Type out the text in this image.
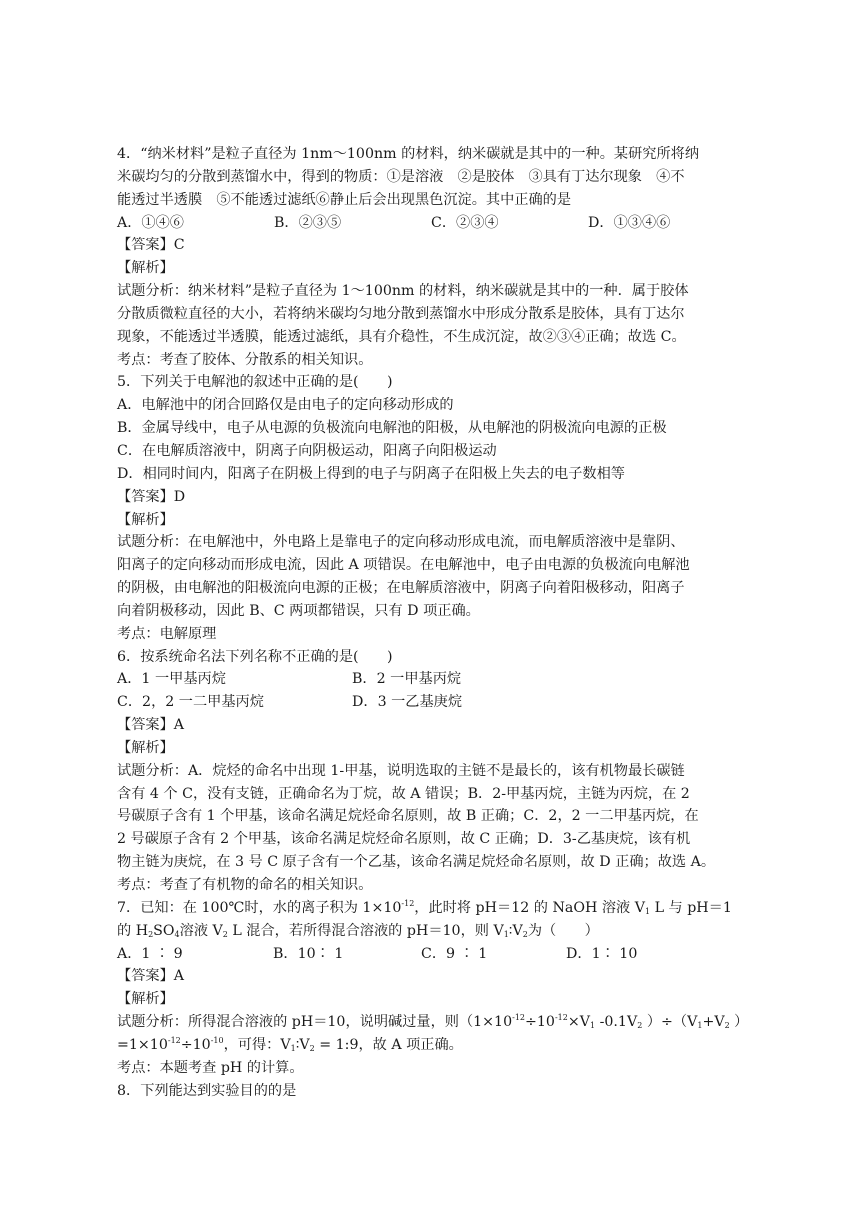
4．“纳米材料”是粒子直径为 1nm～100nm 的材料，纳米碳就是其中的一种。某研究所将纳
米碳均匀的分散到蒸馏水中，得到的物质：①是溶液　②是胶体　③具有丁达尔现象　④不
能透过半透膜　⑤不能透过滤纸⑥静止后会出现黑色沉淀。其中正确的是
A．①④⑥	B．②③⑤	C．②③④	D．①③④⑥
【答案】C
【解析】
试题分析：纳米材料”是粒子直径为 1～100nm 的材料，纳米碳就是其中的一种．属于胶体
分散质微粒直径的大小，若将纳米碳均匀地分散到蒸馏水中形成分散系是胶体，具有丁达尔
现象，不能透过半透膜，能透过滤纸，具有介稳性，不生成沉淀，故②③④正确；故选 C。
考点：考查了胶体、分散系的相关知识。
5．下列关于电解池的叙述中正确的是(　　)
A．电解池中的闭合回路仅是由电子的定向移动形成的
B．金属导线中，电子从电源的负极流向电解池的阳极，从电解池的阴极流向电源的正极
C．在电解质溶液中，阴离子向阴极运动，阳离子向阳极运动
D．相同时间内，阳离子在阴极上得到的电子与阴离子在阳极上失去的电子数相等
【答案】D
【解析】
试题分析：在电解池中，外电路上是靠电子的定向移动形成电流，而电解质溶液中是靠阴、
阳离子的定向移动而形成电流，因此 A 项错误。在电解池中，电子由电源的负极流向电解池
的阴极，由电解池的阳极流向电源的正极；在电解质溶液中，阴离子向着阳极移动，阳离子
向着阴极移动，因此 B、C 两项都错误，只有 D 项正确。
考点：电解原理
6．按系统命名法下列名称不正确的是(　　)
A．1 一甲基丙烷	B．2 一甲基丙烷
C．2，2 一二甲基丙烷	D．3 一乙基庚烷
【答案】A
【解析】
试题分析：A．烷烃的命名中出现 1-甲基，说明选取的主链不是最长的，该有机物最长碳链
含有 4 个 C，没有支链，正确命名为丁烷，故 A 错误；B．2-甲基丙烷，主链为丙烷，在 2
号碳原子含有 1 个甲基，该命名满足烷烃命名原则，故 B 正确；C．2，2 一二甲基丙烷，在
2 号碳原子含有 2 个甲基，该命名满足烷烃命名原则，故 C 正确；D．3-乙基庚烷，该有机
物主链为庚烷，在 3 号 C 原子含有一个乙基，该命名满足烷烃命名原则，故 D 正确；故选 A。
考点：考查了有机物的命名的相关知识。
7．已知：在 100℃时，水的离子积为 $1\times 10^{-12}$，此时将 pH＝12 的 NaOH 溶液 $V_1$ L 与 pH＝1
的 $H_2SO_4$溶液 $V_2$ L 混合，若所得混合溶液的 pH＝10，则 $V_1∶V_2$为（　　）
A．1 ∶ 9	B．10∶ 1	C．9 ∶ 1	D．1∶ 10
【答案】A
【解析】
试题分析：所得混合溶液的 pH＝10，说明碱过量，则（$1\times 10^{-12}\div 10^{-12}\times V_1$ $-0.1V_2$ ）$\div(V_1+V_2$ ）
$=1\times 10^{-12}\div 10^{-10}$，可得：$V_1∶V_2$ = 1:9，故 A 项正确。
考点：本题考查 pH 的计算。
8．下列能达到实验目的的是
